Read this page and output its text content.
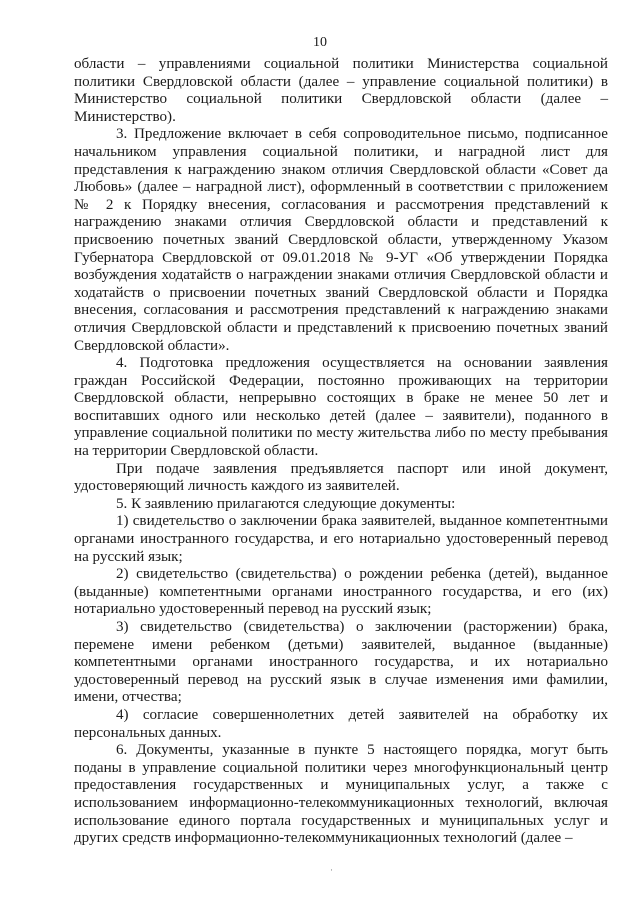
10

области – управлениями социальной политики Министерства социальной политики Свердловской области (далее – управление социальной политики) в Министерство социальной политики Свердловской области (далее – Министерство).

3. Предложение включает в себя сопроводительное письмо, подписанное начальником управления социальной политики, и наградной лист для представления к награждению знаком отличия Свердловской области «Совет да Любовь» (далее – наградной лист), оформленный в соответствии с приложением № 2 к Порядку внесения, согласования и рассмотрения представлений к награждению знаками отличия Свердловской области и представлений к присвоению почетных званий Свердловской области, утвержденному Указом Губернатора Свердловской от 09.01.2018 № 9-УГ «Об утверждении Порядка возбуждения ходатайств о награждении знаками отличия Свердловской области и ходатайств о присвоении почетных званий Свердловской области и Порядка внесения, согласования и рассмотрения представлений к награждению знаками отличия Свердловской области и представлений к присвоению почетных званий Свердловской области».

4. Подготовка предложения осуществляется на основании заявления граждан Российской Федерации, постоянно проживающих на территории Свердловской области, непрерывно состоящих в браке не менее 50 лет и воспитавших одного или несколько детей (далее – заявители), поданного в управление социальной политики по месту жительства либо по месту пребывания на территории Свердловской области.

При подаче заявления предъявляется паспорт или иной документ, удостоверяющий личность каждого из заявителей.

5. К заявлению прилагаются следующие документы:

1) свидетельство о заключении брака заявителей, выданное компетентными органами иностранного государства, и его нотариально удостоверенный перевод на русский язык;

2) свидетельство (свидетельства) о рождении ребенка (детей), выданное (выданные) компетентными органами иностранного государства, и его (их) нотариально удостоверенный перевод на русский язык;

3) свидетельство (свидетельства) о заключении (расторжении) брака, перемене имени ребенком (детьми) заявителей, выданное (выданные) компетентными органами иностранного государства, и их нотариально удостоверенный перевод на русский язык в случае изменения ими фамилии, имени, отчества;

4) согласие совершеннолетних детей заявителей на обработку их персональных данных.

6. Документы, указанные в пункте 5 настоящего порядка, могут быть поданы в управление социальной политики через многофункциональный центр предоставления государственных и муниципальных услуг, а также с использованием информационно-телекоммуникационных технологий, включая использование единого портала государственных и муниципальных услуг и других средств информационно-телекоммуникационных технологий (далее –

·
